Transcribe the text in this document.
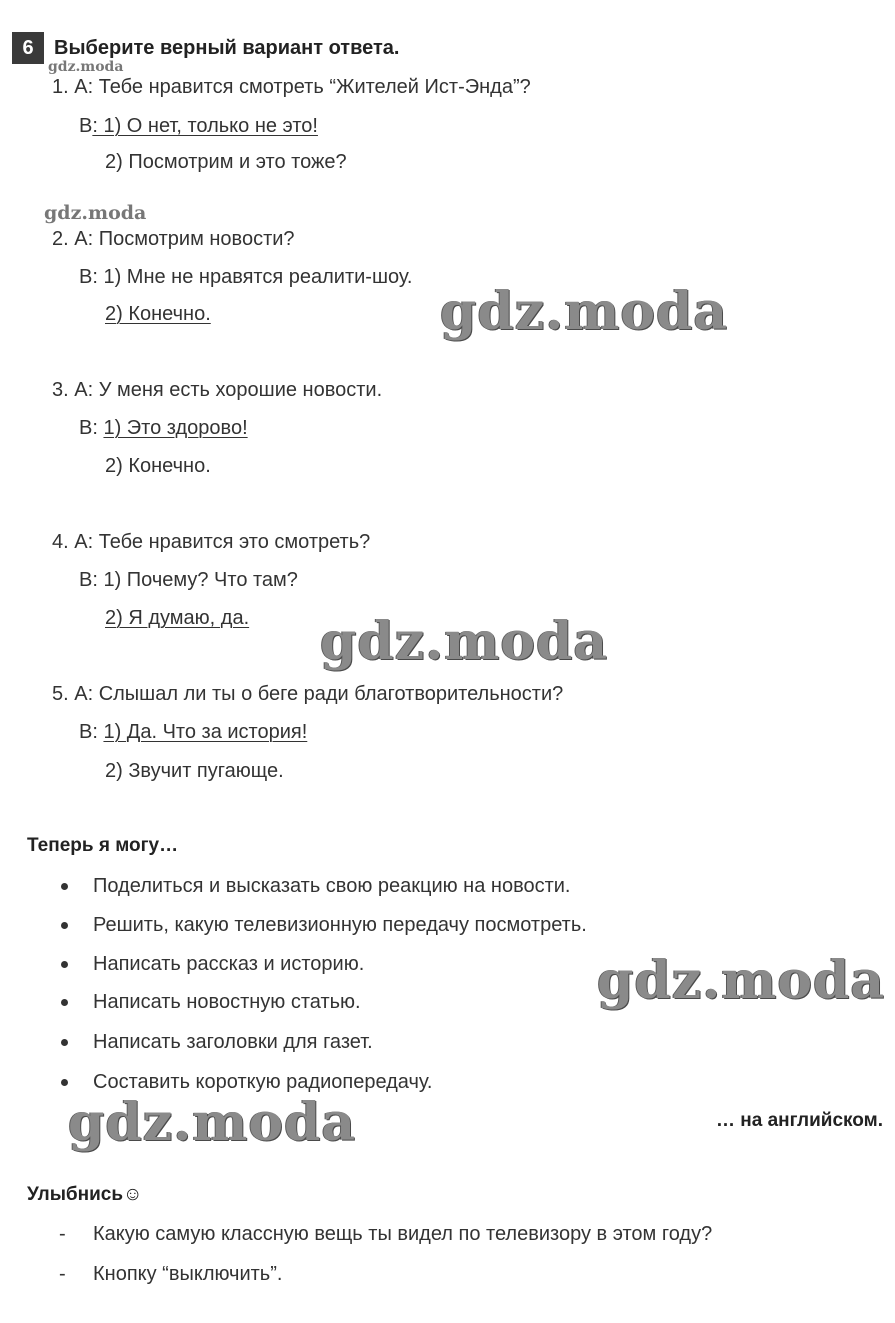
6	Выберите верный вариант ответа.
gdz.moda
1. А: Тебе нравится смотреть “Жителей Ист-Энда”?
B: 1) О нет, только не это!
2) Посмотрим и это тоже?
gdz.moda
2. А: Посмотрим новости?
B: 1) Мне не нравятся реалити-шоу.
2) Конечно.	gdz.moda
3. А: У меня есть хорошие новости.
B: 1) Это здорово!
2) Конечно.
4. А: Тебе нравится это смотреть?
B: 1) Почему? Что там?
2) Я думаю, да. gdz.moda
5. А: Слышал ли ты о беге ради благотворительности?
B: 1) Да. Что за история!
2) Звучит пугающе.
Теперь я могу…
Поделиться и высказать свою реакцию на новости.
Решить, какую телевизионную передачу посмотреть.
Написать рассказ и историю.
Написать новостную статью.
Написать заголовки для газет.
Составить короткую радиопередачу.
gdz.moda
gdz.moda	… на английском.
Улыбнись☺
- Какую самую классную вещь ты видел по телевизору в этом году?
- Кнопку “выключить”.
